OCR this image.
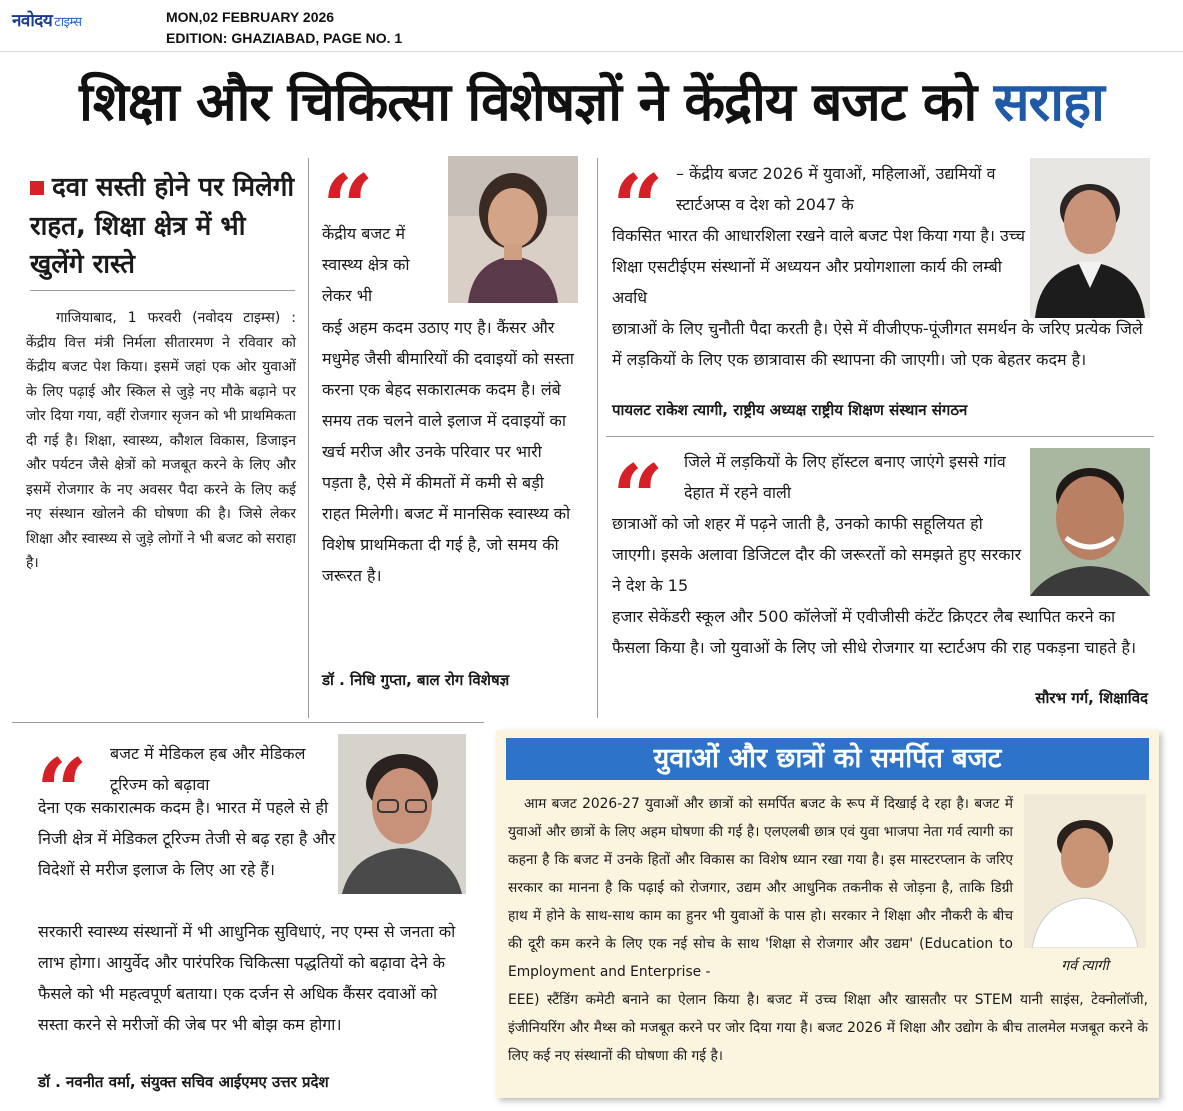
नवोदय टाइम्स	MON,02 FEBRUARY 2026
EDITION: GHAZIABAD, PAGE NO. 1
शिक्षा और चिकित्सा विशेषज्ञों ने केंद्रीय बजट को सराहा
दवा सस्ती होने पर मिलेगी राहत, शिक्षा क्षेत्र में भी खुलेंगे रास्ते
गाजियाबाद, 1 फरवरी (नवोदय टाइम्स) : केंद्रीय वित्त मंत्री निर्मला सीतारमण ने रविवार को केंद्रीय बजट पेश किया। इसमें जहां एक ओर युवाओं के लिए पढ़ाई और स्किल से जुड़े नए मौके बढ़ाने पर जोर दिया गया, वहीं रोजगार सृजन को भी प्राथमिकता दी गई है। शिक्षा, स्वास्थ्य, कौशल विकास, डिजाइन और पर्यटन जैसे क्षेत्रों को मजबूत करने के लिए और इसमें रोजगार के नए अवसर पैदा करने के लिए कई नए संस्थान खोलने की घोषणा की है। जिसे लेकर शिक्षा और स्वास्थ्य से जुड़े लोगों ने भी बजट को सराहा है।
केंद्रीय बजट में स्वास्थ्य क्षेत्र को लेकर भी
कई अहम कदम उठाए गए है। कैंसर और मधुमेह जैसी बीमारियों की दवाइयों को सस्ता करना एक बेहद सकारात्मक कदम है। लंबे समय तक चलने वाले इलाज में दवाइयों का खर्च मरीज और उनके परिवार पर भारी पड़ता है, ऐसे में कीमतों में कमी से बड़ी राहत मिलेगी। बजट में मानसिक स्वास्थ्य को विशेष प्राथमिकता दी गई है, जो समय की जरूरत है।
डॉ . निधि गुप्ता, बाल रोग विशेषज्ञ
– केंद्रीय बजट 2026 में युवाओं, महिलाओं, उद्यमियों व स्टार्टअप्स व देश को 2047 के
विकसित भारत की आधारशिला रखने वाले बजट पेश किया गया है। उच्च शिक्षा एसटीईएम संस्थानों में अध्ययन और प्रयोगशाला कार्य की लम्बी अवधि
छात्राओं के लिए चुनौती पैदा करती है। ऐसे में वीजीएफ-पूंजीगत समर्थन के जरिए प्रत्येक जिले में लड़कियों के लिए एक छात्रावास की स्थापना की जाएगी। जो एक बेहतर कदम है।
पायलट राकेश त्यागी, राष्ट्रीय अध्यक्ष राष्ट्रीय शिक्षण संस्थान संगठन
जिले में लड़कियों के लिए हॉस्टल बनाए जाएंगे इससे गांव देहात में रहने वाली
छात्राओं को जो शहर में पढ़ने जाती है, उनको काफी सहूलियत हो जाएगी। इसके अलावा डिजिटल दौर की जरूरतों को समझते हुए सरकार ने देश के 15
हजार सेकेंडरी स्कूल और 500 कॉलेजों में एवीजीसी कंटेंट क्रिएटर लैब स्थापित करने का फैसला किया है। जो युवाओं के लिए जो सीधे रोजगार या स्टार्टअप की राह पकड़ना चाहते है।
सौरभ गर्ग, शिक्षाविद
बजट में मेडिकल हब और मेडिकल टूरिज्म को बढ़ावा
देना एक सकारात्मक कदम है। भारत में पहले से ही निजी क्षेत्र में मेडिकल टूरिज्म तेजी से बढ़ रहा है और विदेशों से मरीज इलाज के लिए आ रहे हैं।
सरकारी स्वास्थ्य संस्थानों में भी आधुनिक सुविधाएं, नए एम्स से जनता को लाभ होगा। आयुर्वेद और पारंपरिक चिकित्सा पद्धतियों को बढ़ावा देने के फैसले को भी महत्वपूर्ण बताया। एक दर्जन से अधिक कैंसर दवाओं को सस्ता करने से मरीजों की जेब पर भी बोझ कम होगा।
डॉ . नवनीत वर्मा, संयुक्त सचिव आईएमए उत्तर प्रदेश
युवाओं और छात्रों को समर्पित बजट
आम बजट 2026-27 युवाओं और छात्रों को समर्पित बजट के रूप में दिखाई दे रहा है। बजट में युवाओं और छात्रों के लिए अहम घोषणा की गई है। एलएलबी छात्र एवं युवा भाजपा नेता गर्व त्यागी का कहना है कि बजट में उनके हितों और विकास का विशेष ध्यान रखा गया है। इस मास्टरप्लान के जरिए सरकार का मानना है कि पढ़ाई को रोजगार, उद्यम और आधुनिक तकनीक से जोड़ना है, ताकि डिग्री हाथ में होने के साथ-साथ काम का हुनर भी युवाओं के पास हो। सरकार ने शिक्षा और नौकरी के बीच की दूरी कम करने के लिए एक नई सोच के साथ 'शिक्षा से रोजगार और उद्यम' (Education to Employment and Enterprise -	गर्व त्यागी
EEE) स्टैंडिंग कमेटी बनाने का ऐलान किया है। बजट में उच्च शिक्षा और खासतौर पर STEM यानी साइंस, टेक्नोलॉजी, इंजीनियरिंग और मैथ्स को मजबूत करने पर जोर दिया गया है। बजट 2026 में शिक्षा और उद्योग के बीच तालमेल मजबूत करने के लिए कई नए संस्थानों की घोषणा की गई है।
